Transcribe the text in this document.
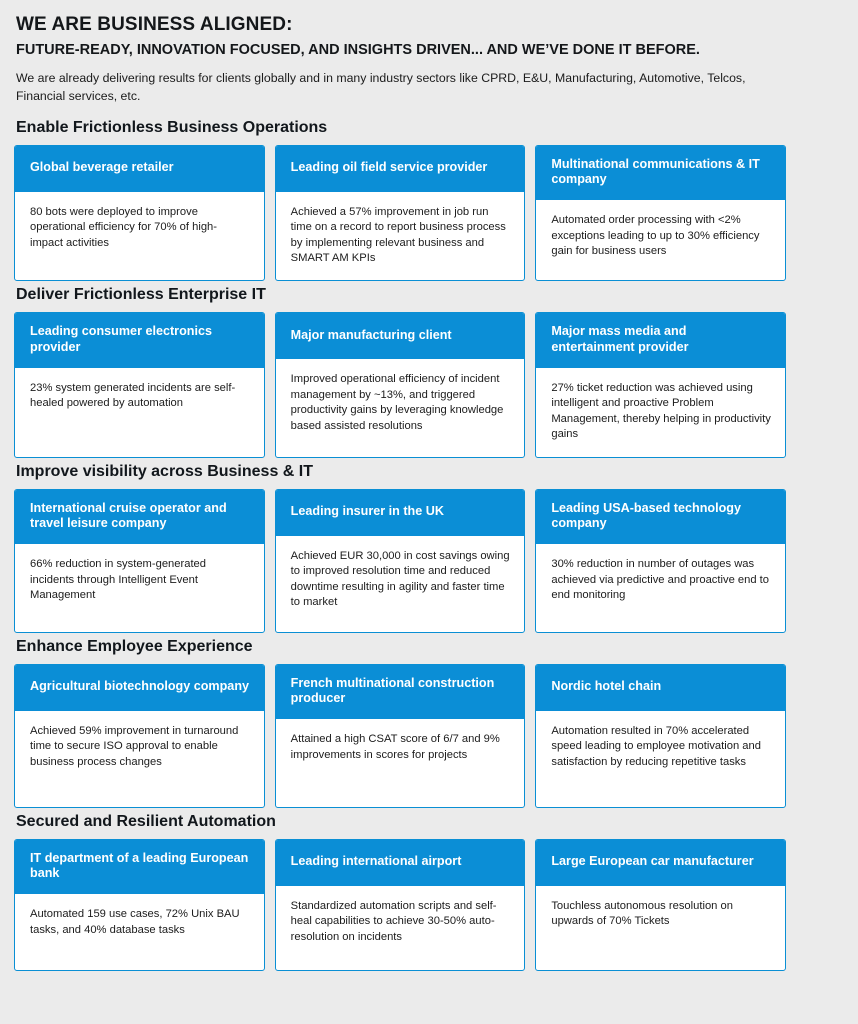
WE ARE BUSINESS ALIGNED:
FUTURE-READY, INNOVATION FOCUSED, AND INSIGHTS DRIVEN... AND WE’VE DONE IT BEFORE.
We are already delivering results for clients globally and in many industry sectors like CPRD, E&U, Manufacturing, Automotive, Telcos, Financial services, etc.
Enable Frictionless Business Operations
Global beverage retailer
80 bots were deployed to improve operational efficiency for 70% of high-impact activities
Leading oil field service provider
Achieved a 57% improvement in job run time on a record to report business process by implementing relevant business and SMART AM KPIs
Multinational communications & IT company
Automated order processing with <2% exceptions leading to up to 30% efficiency gain for business users
Deliver Frictionless Enterprise IT
Leading consumer electronics provider
23% system generated incidents are self-healed powered by automation
Major manufacturing client
Improved operational efficiency of incident management by ~13%, and triggered productivity gains by leveraging knowledge based assisted resolutions
Major mass media and entertainment provider
27% ticket reduction was achieved using intelligent and proactive Problem Management, thereby helping in productivity gains
Improve visibility across Business & IT
International cruise operator and travel leisure company
66% reduction in system-generated incidents through Intelligent Event Management
Leading insurer in the UK
Achieved EUR 30,000 in cost savings owing to improved resolution time and reduced downtime resulting in agility and faster time to market
Leading USA-based technology company
30% reduction in number of outages was achieved via predictive and proactive end to end monitoring
Enhance Employee Experience
Agricultural biotechnology company
Achieved 59% improvement in turnaround time to secure ISO approval to enable business process changes
French multinational construction producer
Attained a high CSAT score of 6/7 and 9% improvements in scores for projects
Nordic hotel chain
Automation resulted in 70% accelerated speed leading to employee motivation and satisfaction by reducing repetitive tasks
Secured and Resilient Automation
IT department of a leading European bank
Automated 159 use cases, 72% Unix BAU tasks, and 40% database tasks
Leading international airport
Standardized automation scripts and self-heal capabilities to achieve 30-50% auto-resolution on incidents
Large European car manufacturer
Touchless autonomous resolution on upwards of 70% Tickets
